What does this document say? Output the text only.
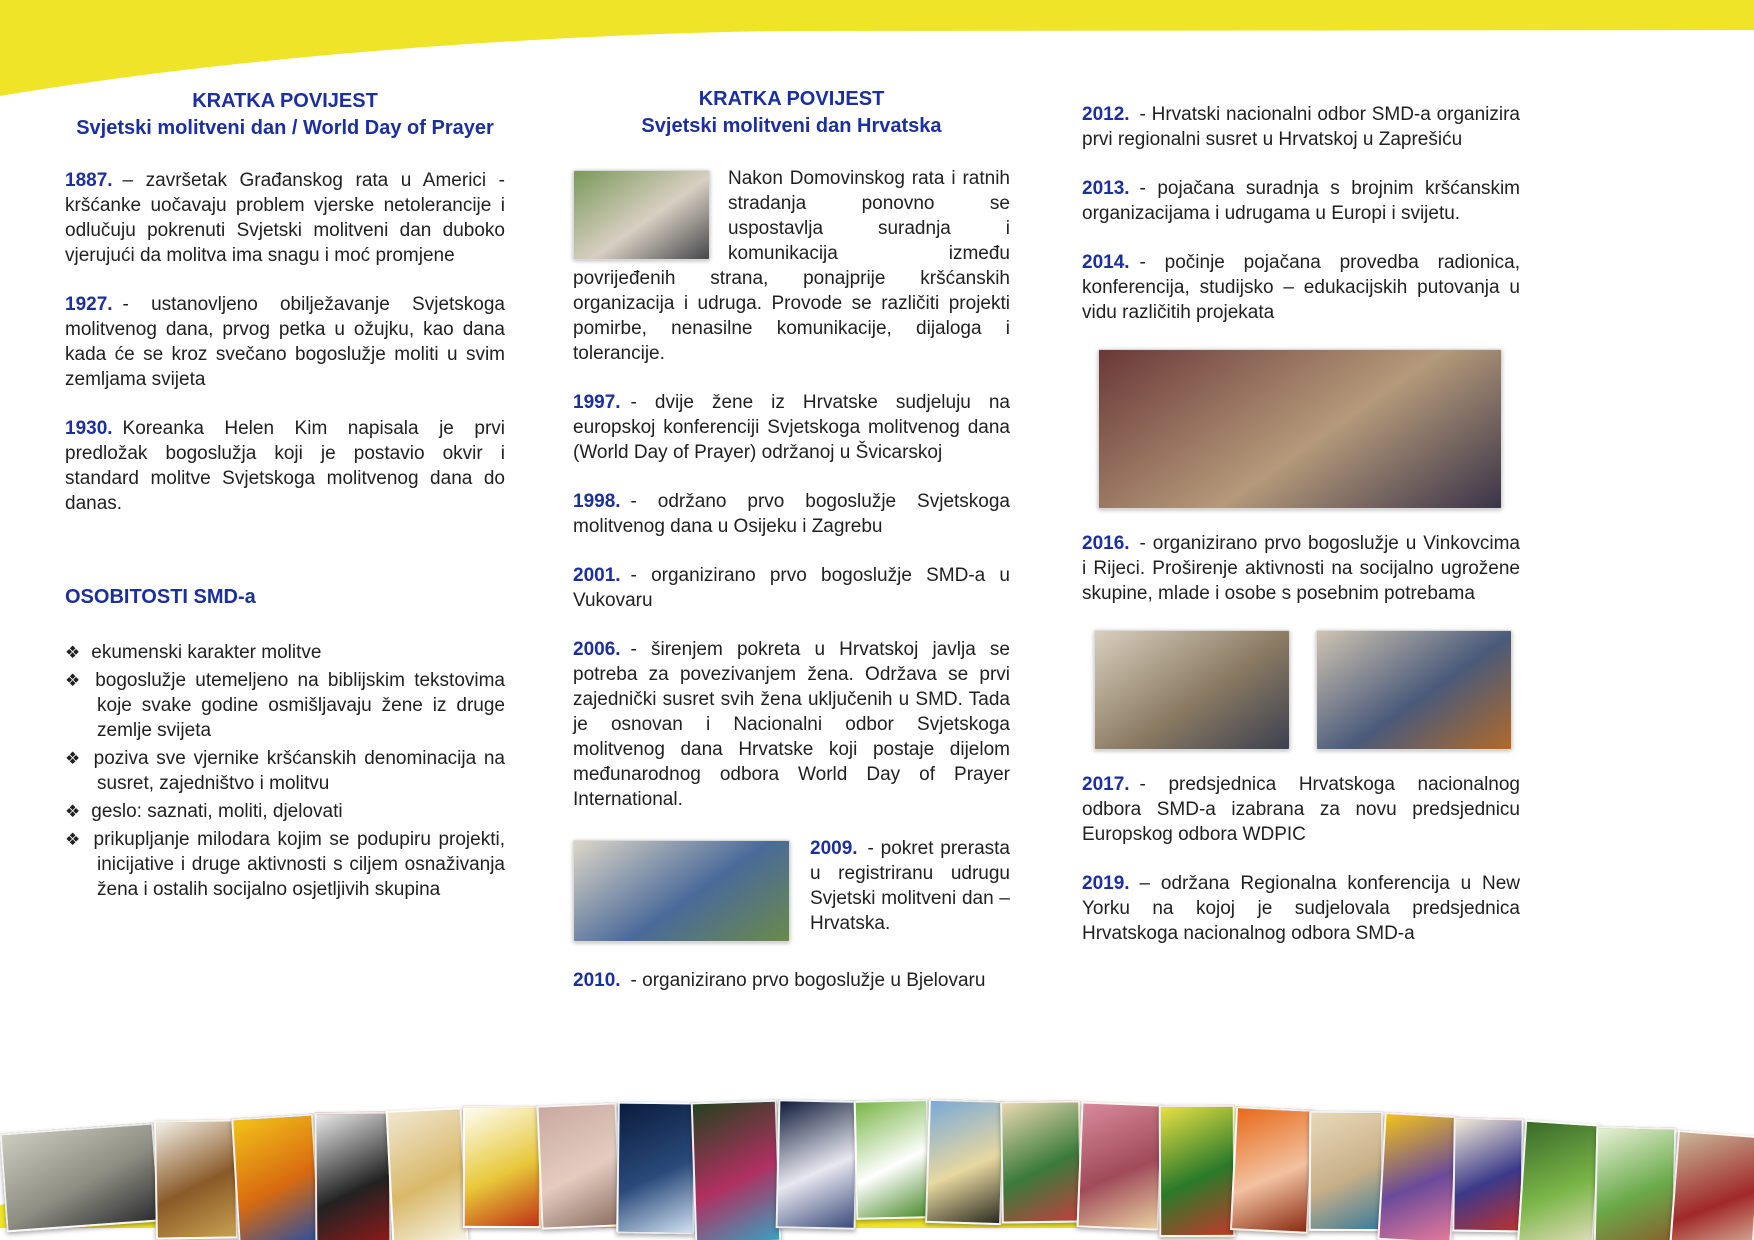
KRATKA POVIJEST
Svjetski molitveni dan / World Day of Prayer

1887. – završetak Građanskog rata u Americi - kršćanke uočavaju problem vjerske netolerancije i odlučuju pokrenuti Svjetski molitveni dan duboko vjerujući da molitva ima snagu i moć promjene

1927. - ustanovljeno obilježavanje Svjetskoga molitvenog dana, prvog petka u ožujku, kao dana kada će se kroz svečano bogoslužje moliti u svim zemljama svijeta

1930. Koreanka Helen Kim napisala je prvi predložak bogoslužja koji je postavio okvir i standard molitve Svjetskoga molitvenog dana do danas.

OSOBITOSTI SMD-a
❖ ekumenski karakter molitve
❖ bogoslužje utemeljeno na biblijskim tekstovima koje svake godine osmišljavaju žene iz druge zemlje svijeta
❖ poziva sve vjernike kršćanskih denominacija na susret, zajedništvo i molitvu
❖ geslo: saznati, moliti, djelovati
❖ prikupljanje milodara kojim se podupiru projekti, inicijative i druge aktivnosti s ciljem osnaživanja žena i ostalih socijalno osjetljivih skupina
KRATKA POVIJEST
Svjetski molitveni dan Hrvatska
Nakon Domovinskog rata i ratnih stradanja ponovno se uspostavlja suradnja i komunikacija između povrijeđenih strana, ponajprije kršćanskih organizacija i udruga. Provode se različiti projekti pomirbe, nenasilne komunikacije, dijaloga i tolerancije.

1997. - dvije žene iz Hrvatske sudjeluju na europskoj konferenciji Svjetskoga molitvenog dana (World Day of Prayer) održanoj u Švicarskoj

1998. - održano prvo bogoslužje Svjetskoga molitvenog dana u Osijeku i Zagrebu

2001. - organizirano prvo bogoslužje SMD-a u Vukovaru

2006. - širenjem pokreta u Hrvatskoj javlja se potreba za povezivanjem žena. Održava se prvi zajednički susret svih žena uključenih u SMD. Tada je osnovan i Nacionalni odbor Svjetskoga molitvenog dana Hrvatske koji postaje dijelom međunarodnog odbora World Day of Prayer International.

2009. - pokret prerasta u registriranu udrugu Svjetski molitveni dan – Hrvatska.

2010. - organizirano prvo bogoslužje u Bjelovaru

2012. - Hrvatski nacionalni odbor SMD-a organizira prvi regionalni susret u Hrvatskoj u Zaprešiću

2013. - pojačana suradnja s brojnim kršćanskim organizacijama i udrugama u Europi i svijetu.

2014. - počinje pojačana provedba radionica, konferencija, studijsko – edukacijskih putovanja u vidu različitih projekata

2016. - organizirano prvo bogoslužje u Vinkovcima i Rijeci. Proširenje aktivnosti na socijalno ugrožene skupine, mlade i osobe s posebnim potrebama

2017. - predsjednica Hrvatskoga nacionalnog odbora SMD-a izabrana za novu predsjednicu Europskog odbora WDPIC

2019. – održana Regionalna konferencija u New Yorku na kojoj je sudjelovala predsjednica Hrvatskoga nacionalnog odbora SMD-a
